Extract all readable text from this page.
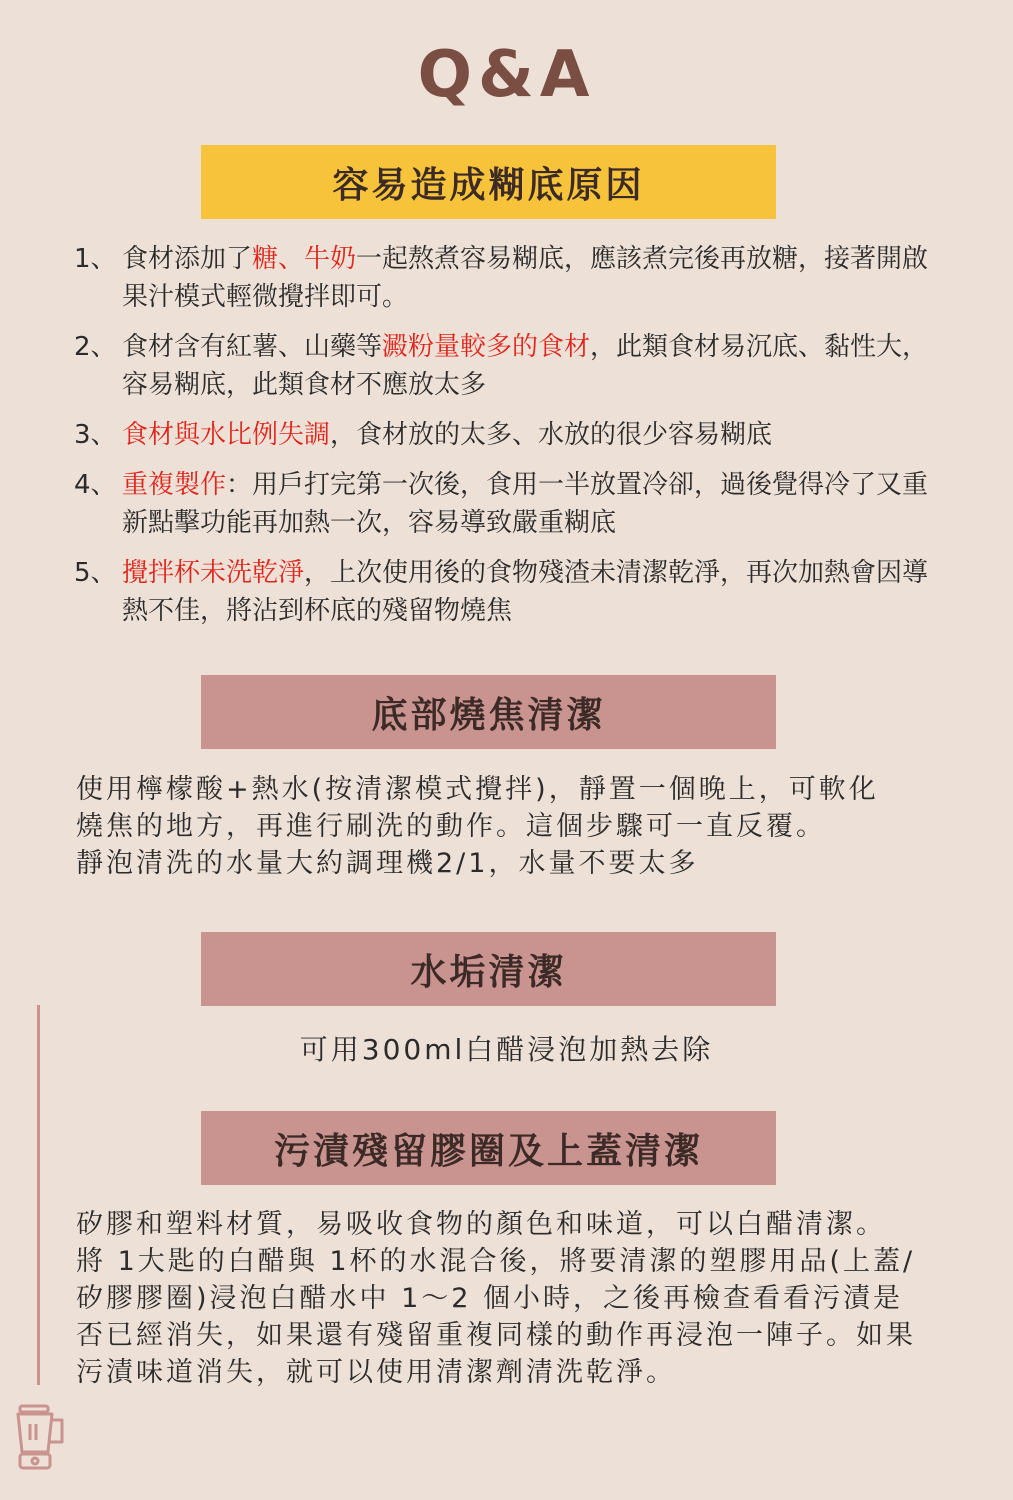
Q&A
容易造成糊底原因
1、 食材添加了糖、牛奶一起熬煮容易糊底，應該煮完後再放糖，接著開啟果汁模式輕微攪拌即可。
2、 食材含有紅薯、山藥等澱粉量較多的食材，此類食材易沉底、黏性大，容易糊底，此類食材不應放太多
3、 食材與水比例失調，食材放的太多、水放的很少容易糊底
4、 重複製作：用戶打完第一次後，食用一半放置冷卻，過後覺得冷了又重新點擊功能再加熱一次，容易導致嚴重糊底
5、 攪拌杯未洗乾淨，上次使用後的食物殘渣未清潔乾淨，再次加熱會因導熱不佳，將沾到杯底的殘留物燒焦
底部燒焦清潔
使用檸檬酸+熱水(按清潔模式攪拌)，靜置一個晚上，可軟化
燒焦的地方，再進行刷洗的動作。這個步驟可一直反覆。
靜泡清洗的水量大約調理機2/1，水量不要太多
水垢清潔
可用300ml白醋浸泡加熱去除
污漬殘留膠圈及上蓋清潔
矽膠和塑料材質，易吸收食物的顏色和味道，可以白醋清潔。
將 1大匙的白醋與 1杯的水混合後，將要清潔的塑膠用品(上蓋/
矽膠膠圈)浸泡白醋水中 1～2 個小時，之後再檢查看看污漬是
否已經消失，如果還有殘留重複同樣的動作再浸泡一陣子。如果
污漬味道消失，就可以使用清潔劑清洗乾淨。
